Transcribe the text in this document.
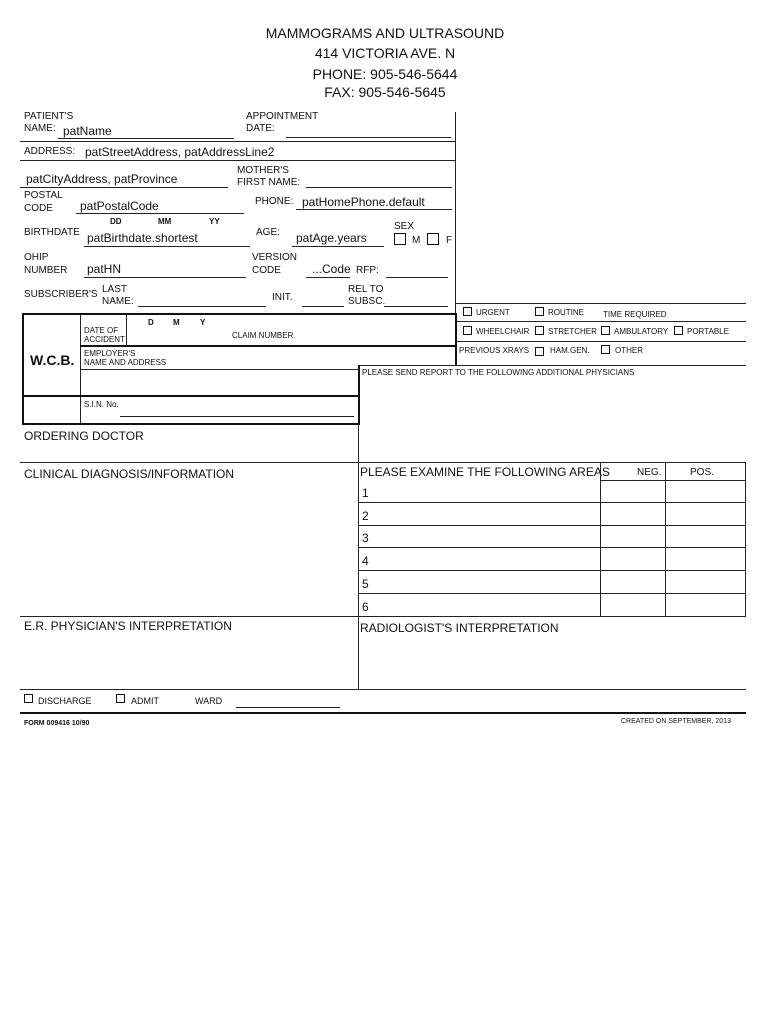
MAMMOGRAMS AND ULTRASOUND
414 VICTORIA AVE. N
PHONE: 905-546-5644
FAX: 905-546-5645
PATIENT'S
NAME: patName
APPOINTMENT
DATE:
ADDRESS: patStreetAddress, patAddressLine2
patCityAddress, patProvince
MOTHER'S
FIRST NAME:
POSTAL
CODE patPostalCode	PHONE: patHomePhone.default
DD	MM	YY
BIRTHDATE patBirthdate.shortest	AGE: patAge.years
SEX
M	F
OHIP
NUMBER patHN
VERSION
CODE	...Code RFP:
SUBSCRIBER'S LAST
NAME:	INIT.
REL TO
SUBSC.
URGENT	ROUTINE TIME REQUIRED
WHEELCHAIR STRETCHER AMBULATORY PORTABLE
PREVIOUS XRAYS	HAM.GEN.	OTHER
PLEASE SEND REPORT TO THE FOLLOWING ADDITIONAL PHYSICIANS
D M	Y
DATE OF
ACCIDENT	CLAIM NUMBER
W.C.B. EMPLOYER'S
NAME AND ADDRESS
S.I.N. No.
ORDERING DOCTOR
CLINICAL DIAGNOSIS/INFORMATION	PLEASE EXAMINE THE FOLLOWING AREAS	NEG.	POS.
1
2
3
4
5
6
E.R. PHYSICIAN'S INTERPRETATION	RADIOLOGIST'S INTERPRETATION
DISCHARGE	ADMIT	WARD
FORM 009416 10/90	CREATED ON SEPTEMBER, 2013
